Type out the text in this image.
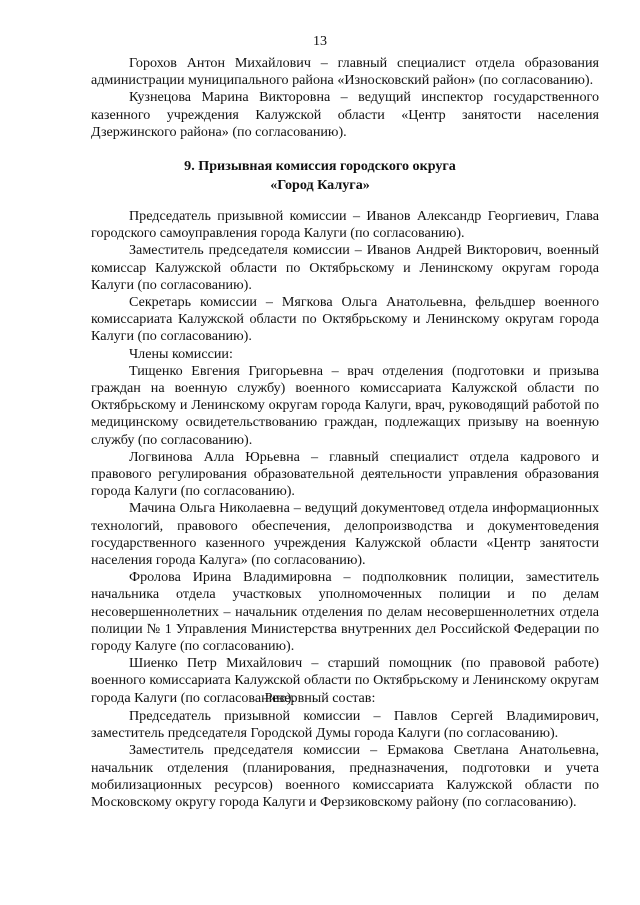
13

Горохов Антон Михайлович – главный специалист отдела образования администрации муниципального района «Износковский район» (по согласованию).

Кузнецова Марина Викторовна – ведущий инспектор государственного казенного учреждения Калужской области «Центр занятости населения Дзержинского района» (по согласованию).

9. Призывная комиссия городского округа
«Город Калуга»

Председатель призывной комиссии – Иванов Александр Георгиевич, Глава городского самоуправления города Калуги (по согласованию).

Заместитель председателя комиссии – Иванов Андрей Викторович, военный комиссар Калужской области по Октябрьскому и Ленинскому округам города Калуги (по согласованию).

Секретарь комиссии – Мягкова Ольга Анатольевна, фельдшер военного комиссариата Калужской области по Октябрьскому и Ленинскому округам города Калуги (по согласованию).

Члены комиссии:

Тищенко Евгения Григорьевна – врач отделения (подготовки и призыва граждан на военную службу) военного комиссариата Калужской области по Октябрьскому и Ленинскому округам города Калуги, врач, руководящий работой по медицинскому освидетельствованию граждан, подлежащих призыву на военную службу (по согласованию).

Логвинова Алла Юрьевна – главный специалист отдела кадрового и правового регулирования образовательной деятельности управления образования города Калуги (по согласованию).

Мачина Ольга Николаевна – ведущий документовед отдела информационных технологий, правового обеспечения, делопроизводства и документоведения государственного казенного учреждения Калужской области «Центр занятости населения города Калуга» (по согласованию).

Фролова Ирина Владимировна – подполковник полиции, заместитель начальника отдела участковых уполномоченных полиции и по делам несовершеннолетних – начальник отделения по делам несовершеннолетних отдела полиции № 1 Управления Министерства внутренних дел Российской Федерации по городу Калуге (по согласованию).

Шиенко Петр Михайлович – старший помощник (по правовой работе) военного комиссариата Калужской области по Октябрьскому и Ленинскому округам города Калуги (по согласованию).

Резервный состав:

Председатель призывной комиссии – Павлов Сергей Владимирович, заместитель председателя Городской Думы города Калуги (по согласованию).

Заместитель председателя комиссии – Ермакова Светлана Анатольевна, начальник отделения (планирования, предназначения, подготовки и учета мобилизационных ресурсов) военного комиссариата Калужской области по Московскому округу города Калуги и Ферзиковскому району (по согласованию).
